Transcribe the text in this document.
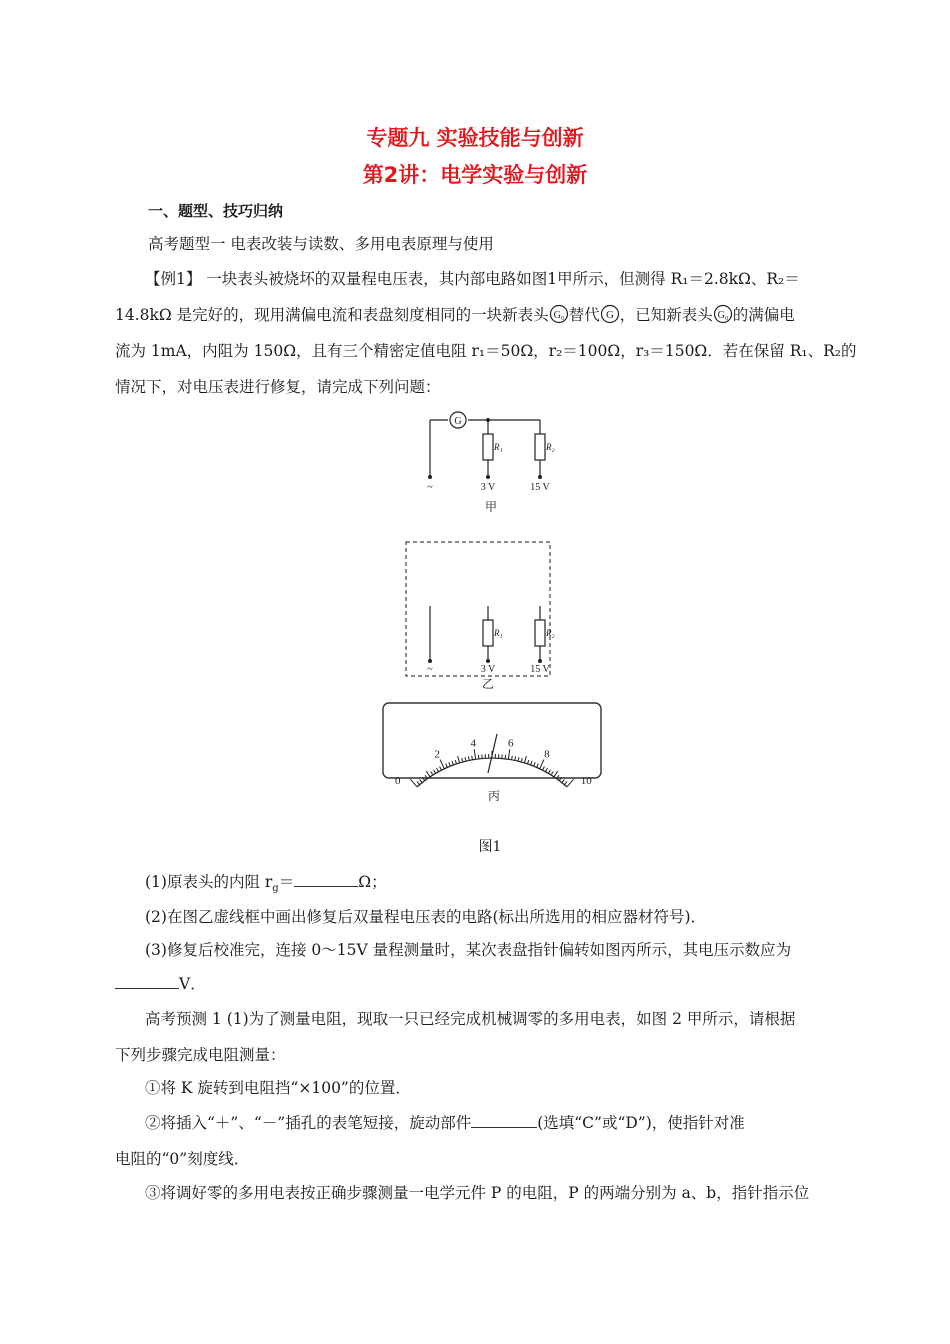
专题九 实验技能与创新
第2讲：电学实验与创新
一、题型、技巧归纳
高考题型一 电表改装与读数、多用电表原理与使用
【例1】 一块表头被烧坏的双量程电压表，其内部电路如图1甲所示，但测得 R₁＝2.8kΩ、R₂＝
14.8kΩ 是完好的，现用满偏电流和表盘刻度相同的一块新表头 G₀ 替代 G ，已知新表头 G₀ 的满偏电
流为 1mA，内阻为 150Ω，且有三个精密定值电阻 r₁＝50Ω，r₂＝100Ω，r₃＝150Ω．若在保留 R₁、R₂的
情况下，对电压表进行修复，请完成下列问题：
G
R₁	R₂
~	3 V	15 V
甲
R₁	R₂
~	3 V	15 V
乙
0
2
4	6
8
10
丙
图1
(1)原表头的内阻 $r_g=$	Ω；
(2)在图乙虚线框中画出修复后双量程电压表的电路(标出所选用的相应器材符号)．
(3)修复后校准完，连接 0～15V 量程测量时，某次表盘指针偏转如图丙所示，其电压示数应为
V．
高考预测 1 (1)为了测量电阻，现取一只已经完成机械调零的多用电表，如图 2 甲所示，请根据
下列步骤完成电阻测量：
①将 K 旋转到电阻挡“×100”的位置．
②将插入“＋”、“－”插孔的表笔短接，旋动部件	(选填“C”或“D”)，使指针对准
电阻的“0”刻度线．
③将调好零的多用电表按正确步骤测量一电学元件 P 的电阻，P 的两端分别为 a、b，指针指示位
